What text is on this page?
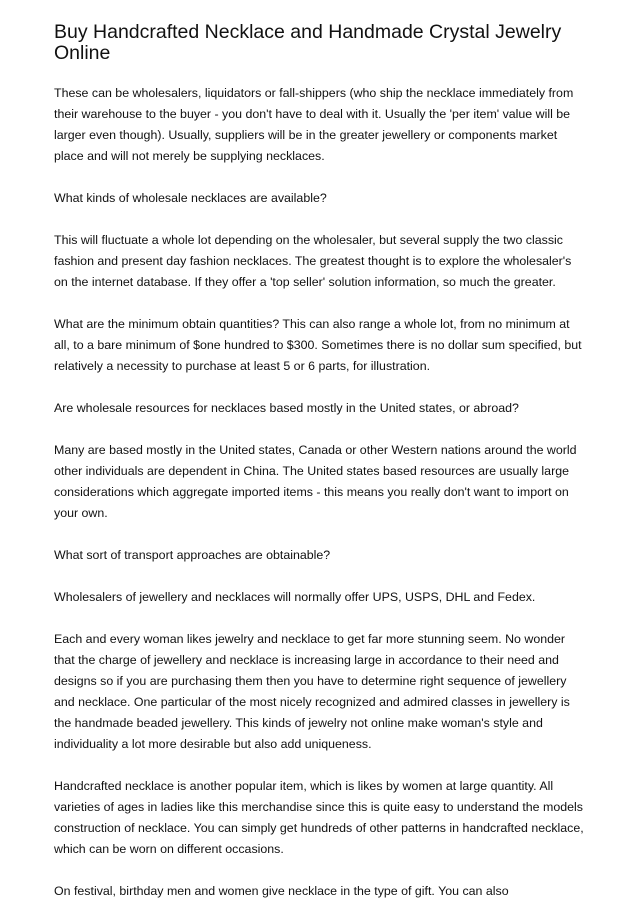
Buy Handcrafted Necklace and Handmade Crystal Jewelry Online

These can be wholesalers, liquidators or fall-shippers (who ship the necklace immediately from their warehouse to the buyer - you don't have to deal with it. Usually the 'per item' value will be larger even though). Usually, suppliers will be in the greater jewellery or components market place and will not merely be supplying necklaces.

What kinds of wholesale necklaces are available?

This will fluctuate a whole lot depending on the wholesaler, but several supply the two classic fashion and present day fashion necklaces. The greatest thought is to explore the wholesaler's on the internet database. If they offer a 'top seller' solution information, so much the greater.

What are the minimum obtain quantities? This can also range a whole lot, from no minimum at all, to a bare minimum of $one hundred to $300. Sometimes there is no dollar sum specified, but relatively a necessity to purchase at least 5 or 6 parts, for illustration.

Are wholesale resources for necklaces based mostly in the United states, or abroad?

Many are based mostly in the United states, Canada or other Western nations around the world other individuals are dependent in China. The United states based resources are usually large considerations which aggregate imported items - this means you really don't want to import on your own.

What sort of transport approaches are obtainable?

Wholesalers of jewellery and necklaces will normally offer UPS, USPS, DHL and Fedex.

Each and every woman likes jewelry and necklace to get far more stunning seem. No wonder that the charge of jewellery and necklace is increasing large in accordance to their need and designs so if you are purchasing them then you have to determine right sequence of jewellery and necklace. One particular of the most nicely recognized and admired classes in jewellery is the handmade beaded jewellery. This kinds of jewelry not online make woman's style and individuality a lot more desirable but also add uniqueness.

Handcrafted necklace is another popular item, which is likes by women at large quantity. All varieties of ages in ladies like this merchandise since this is quite easy to understand the models construction of necklace. You can simply get hundreds of other patterns in handcrafted necklace, which can be worn on different occasions.

On festival, birthday men and women give necklace in the type of gift. You can also
